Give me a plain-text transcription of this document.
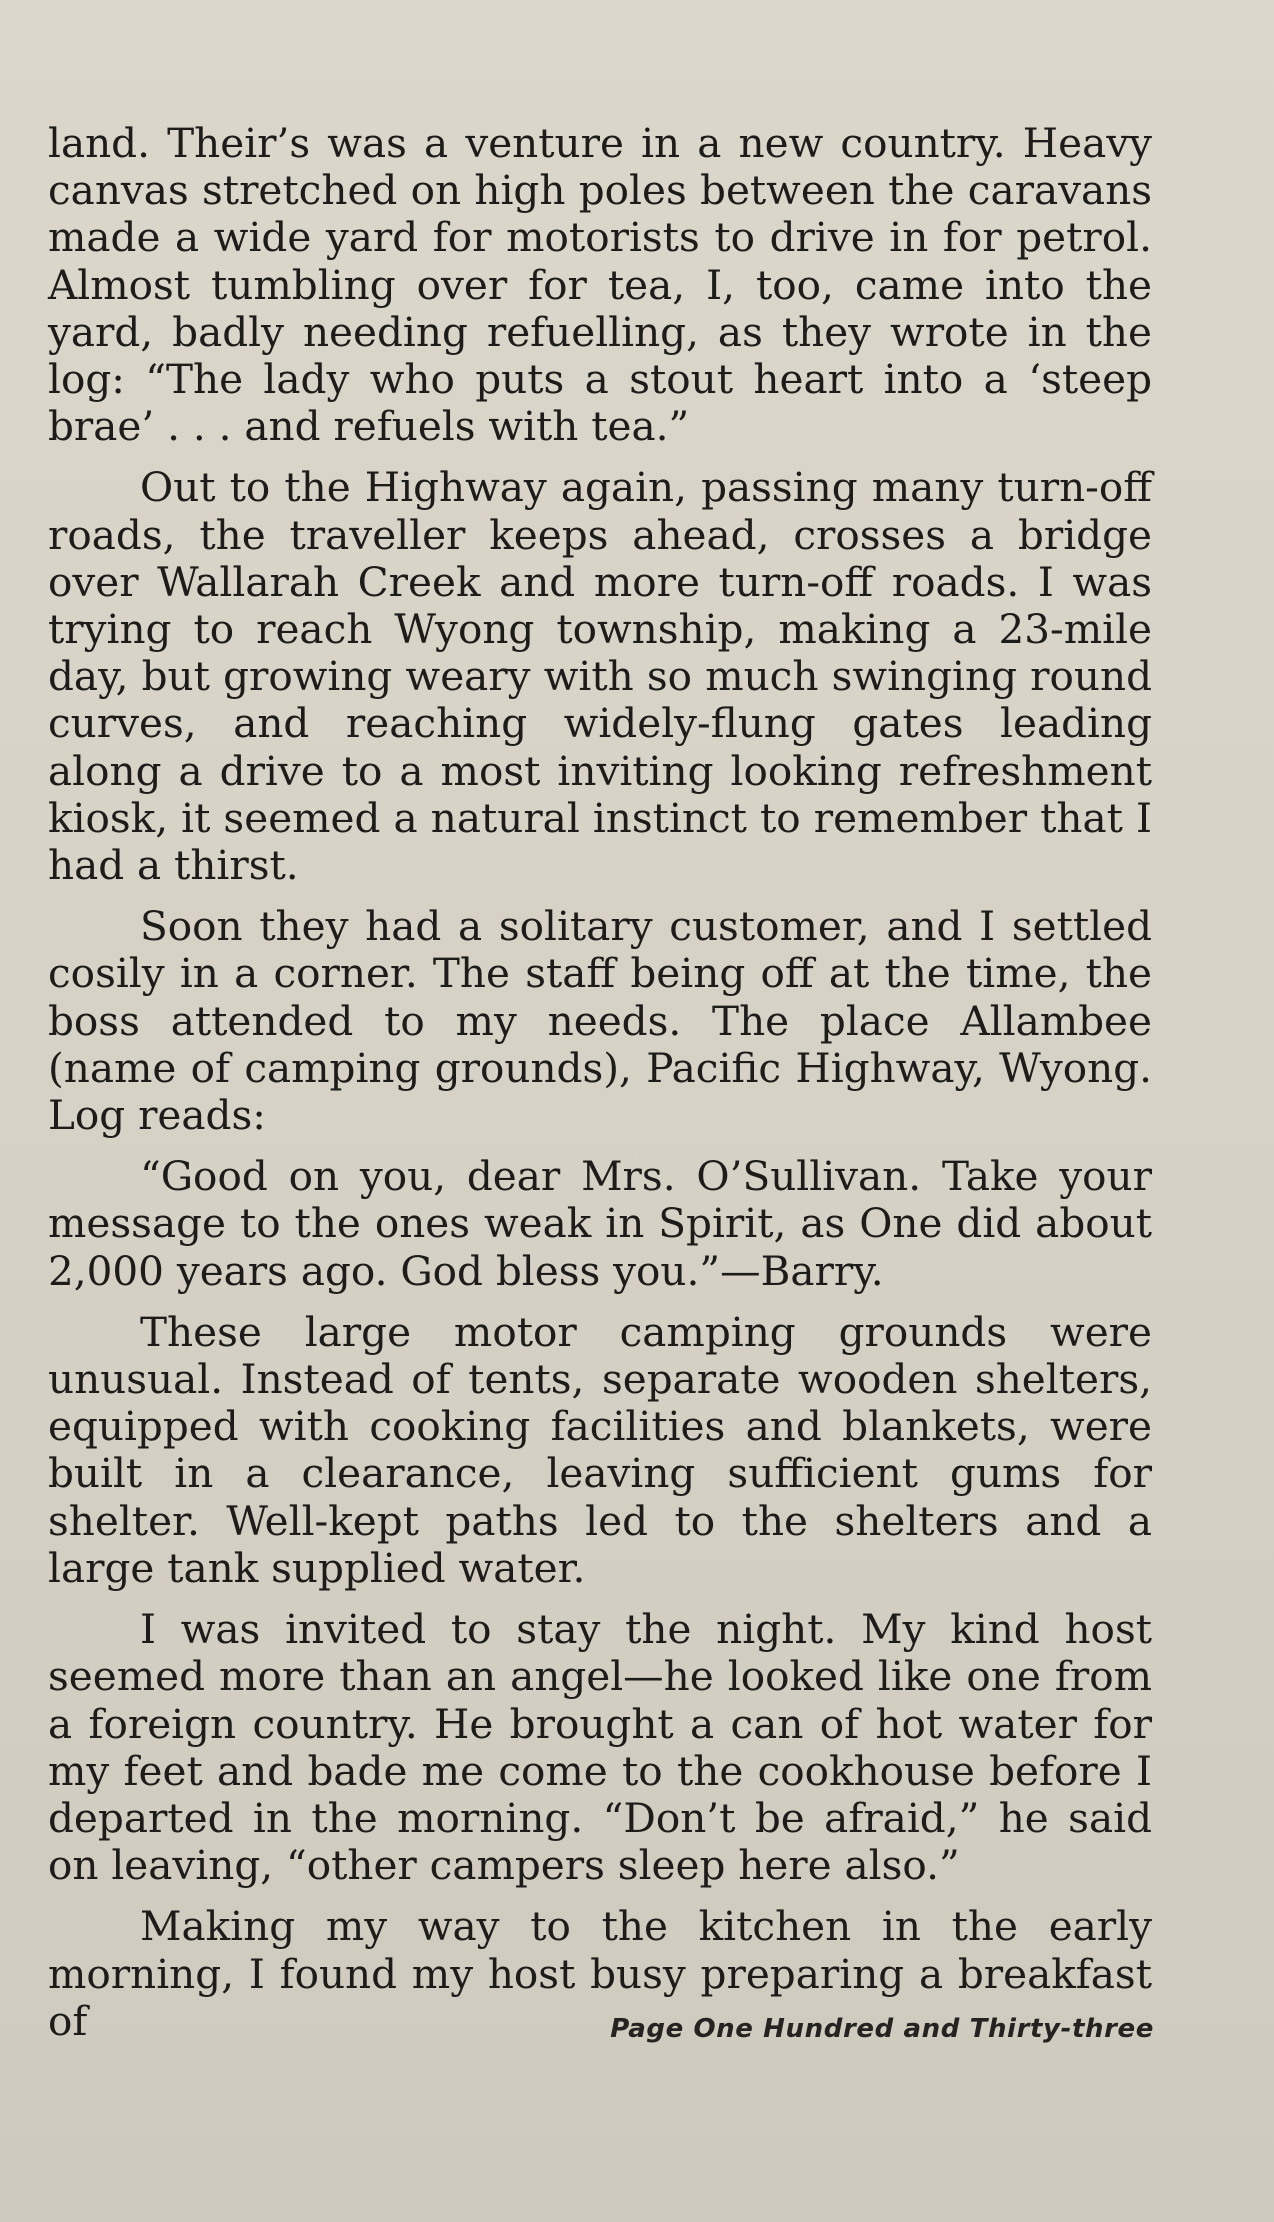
land. Their’s was a venture in a new country. Heavy canvas stretched on high poles between the caravans made a wide yard for motorists to drive in for petrol. Almost tumbling over for tea, I, too, came into the yard, badly needing refuelling, as they wrote in the log: “The lady who puts a stout heart into a ‘steep brae’ . . . and refuels with tea.”

Out to the Highway again, passing many turn-off roads, the traveller keeps ahead, crosses a bridge over Wallarah Creek and more turn-off roads. I was trying to reach Wyong township, making a 23-mile day, but growing weary with so much swinging round curves, and reaching widely-flung gates leading along a drive to a most inviting looking refreshment kiosk, it seemed a natural instinct to remember that I had a thirst.

Soon they had a solitary customer, and I settled cosily in a corner. The staff being off at the time, the boss attended to my needs. The place Allambee (name of camping grounds), Pacific Highway, Wyong. Log reads:

“Good on you, dear Mrs. O’Sullivan. Take your message to the ones weak in Spirit, as One did about 2,000 years ago. God bless you.”—Barry.

These large motor camping grounds were unusual. Instead of tents, separate wooden shelters, equipped with cooking facilities and blankets, were built in a clearance, leaving sufficient gums for shelter. Well-kept paths led to the shelters and a large tank supplied water.

I was invited to stay the night. My kind host seemed more than an angel—he looked like one from a foreign country. He brought a can of hot water for my feet and bade me come to the cookhouse before I departed in the morning. “Don’t be afraid,” he said on leaving, “other campers sleep here also.”

Making my way to the kitchen in the early morning, I found my host busy preparing a breakfast of	Page One Hundred and Thirty-three
